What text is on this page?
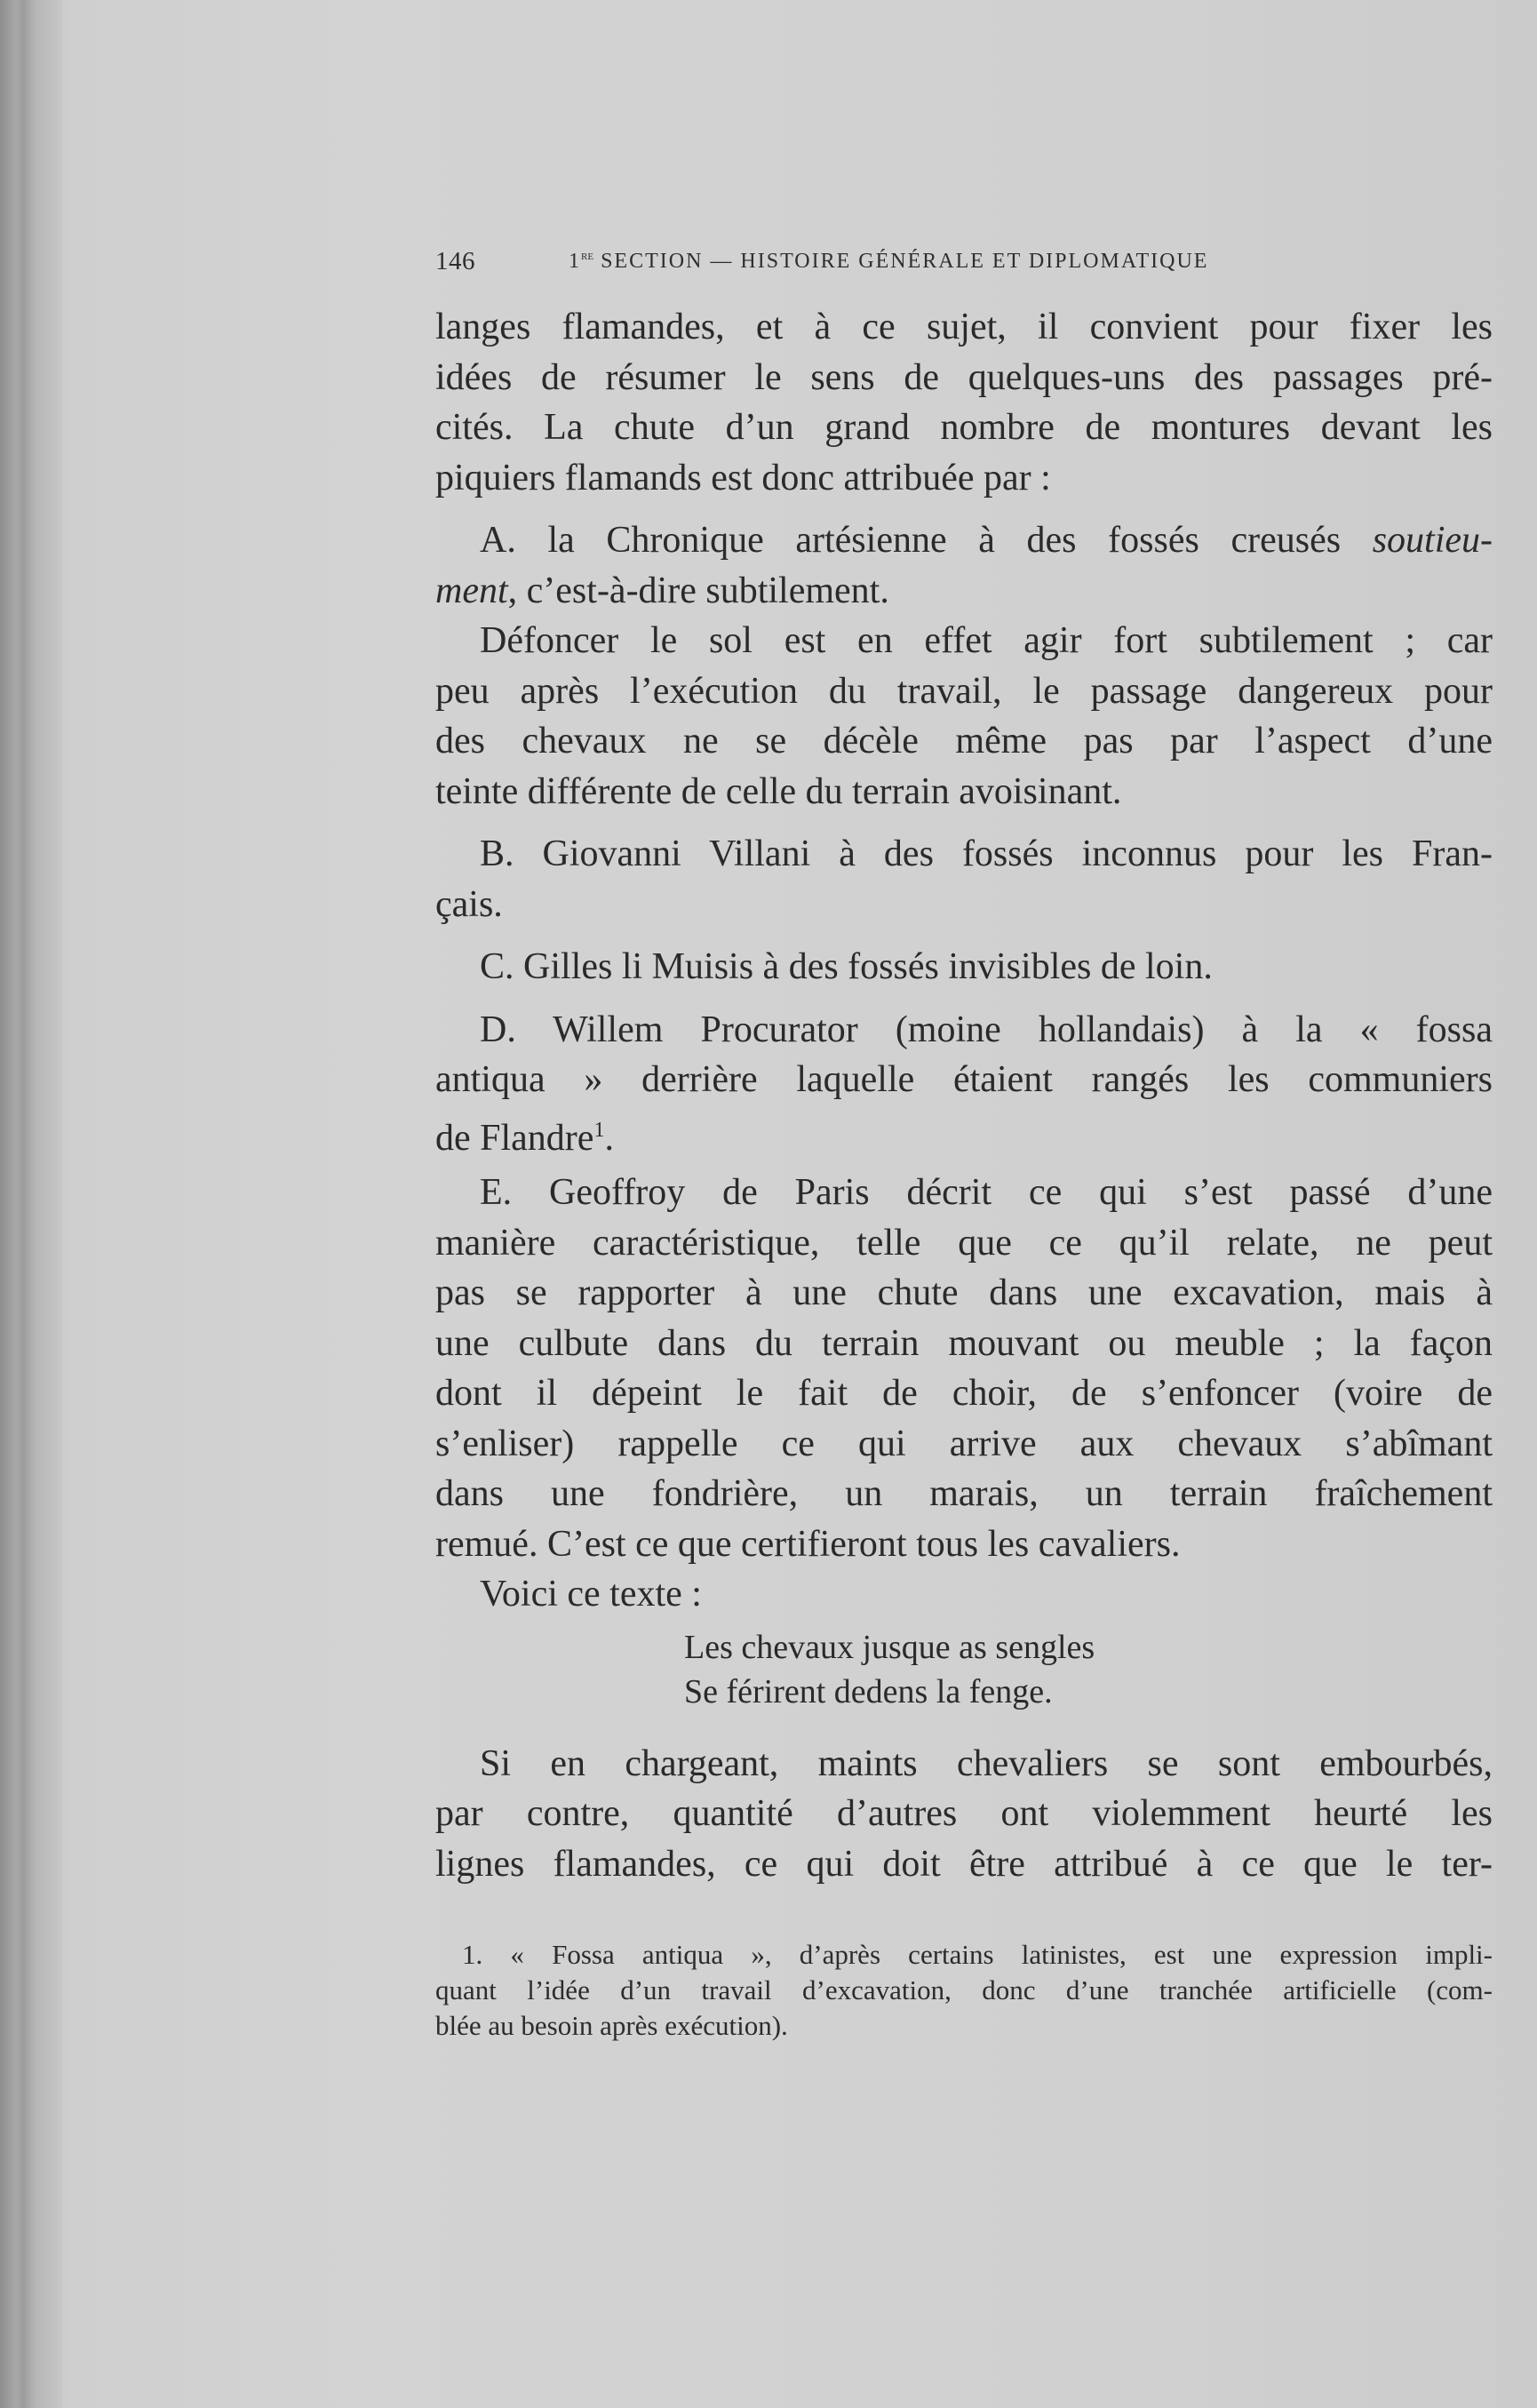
146	1re SECTION — HISTOIRE GÉNÉRALE ET DIPLOMATIQUE
langes flamandes, et à ce sujet, il convient pour fixer les
idées de résumer le sens de quelques-uns des passages pré-
cités. La chute d’un grand nombre de montures devant les
piquiers flamands est donc attribuée par :
A. la Chronique artésienne à des fossés creusés soutieu-
ment, c’est-à-dire subtilement.
Défoncer le sol est en effet agir fort subtilement ; car
peu après l’exécution du travail, le passage dangereux pour
des chevaux ne se décèle même pas par l’aspect d’une
teinte différente de celle du terrain avoisinant.
B. Giovanni Villani à des fossés inconnus pour les Fran-
çais.
C. Gilles li Muisis à des fossés invisibles de loin.
D. Willem Procurator (moine hollandais) à la « fossa
antiqua » derrière laquelle étaient rangés les communiers
de Flandre$^1$.
E. Geoffroy de Paris décrit ce qui s’est passé d’une
manière caractéristique, telle que ce qu’il relate, ne peut
pas se rapporter à une chute dans une excavation, mais à
une culbute dans du terrain mouvant ou meuble ; la façon
dont il dépeint le fait de choir, de s’enfoncer (voire de
s’enliser) rappelle ce qui arrive aux chevaux s’abîmant
dans une fondrière, un marais, un terrain fraîchement
remué. C’est ce que certifieront tous les cavaliers.
Voici ce texte :
Les chevaux jusque as sengles
Se férirent dedens la fenge.
Si en chargeant, maints chevaliers se sont embourbés,
par contre, quantité d’autres ont violemment heurté les
lignes flamandes, ce qui doit être attribué à ce que le ter-
1. « Fossa antiqua », d’après certains latinistes, est une expression impli-
quant l’idée d’un travail d’excavation, donc d’une tranchée artificielle (com-
blée au besoin après exécution).
